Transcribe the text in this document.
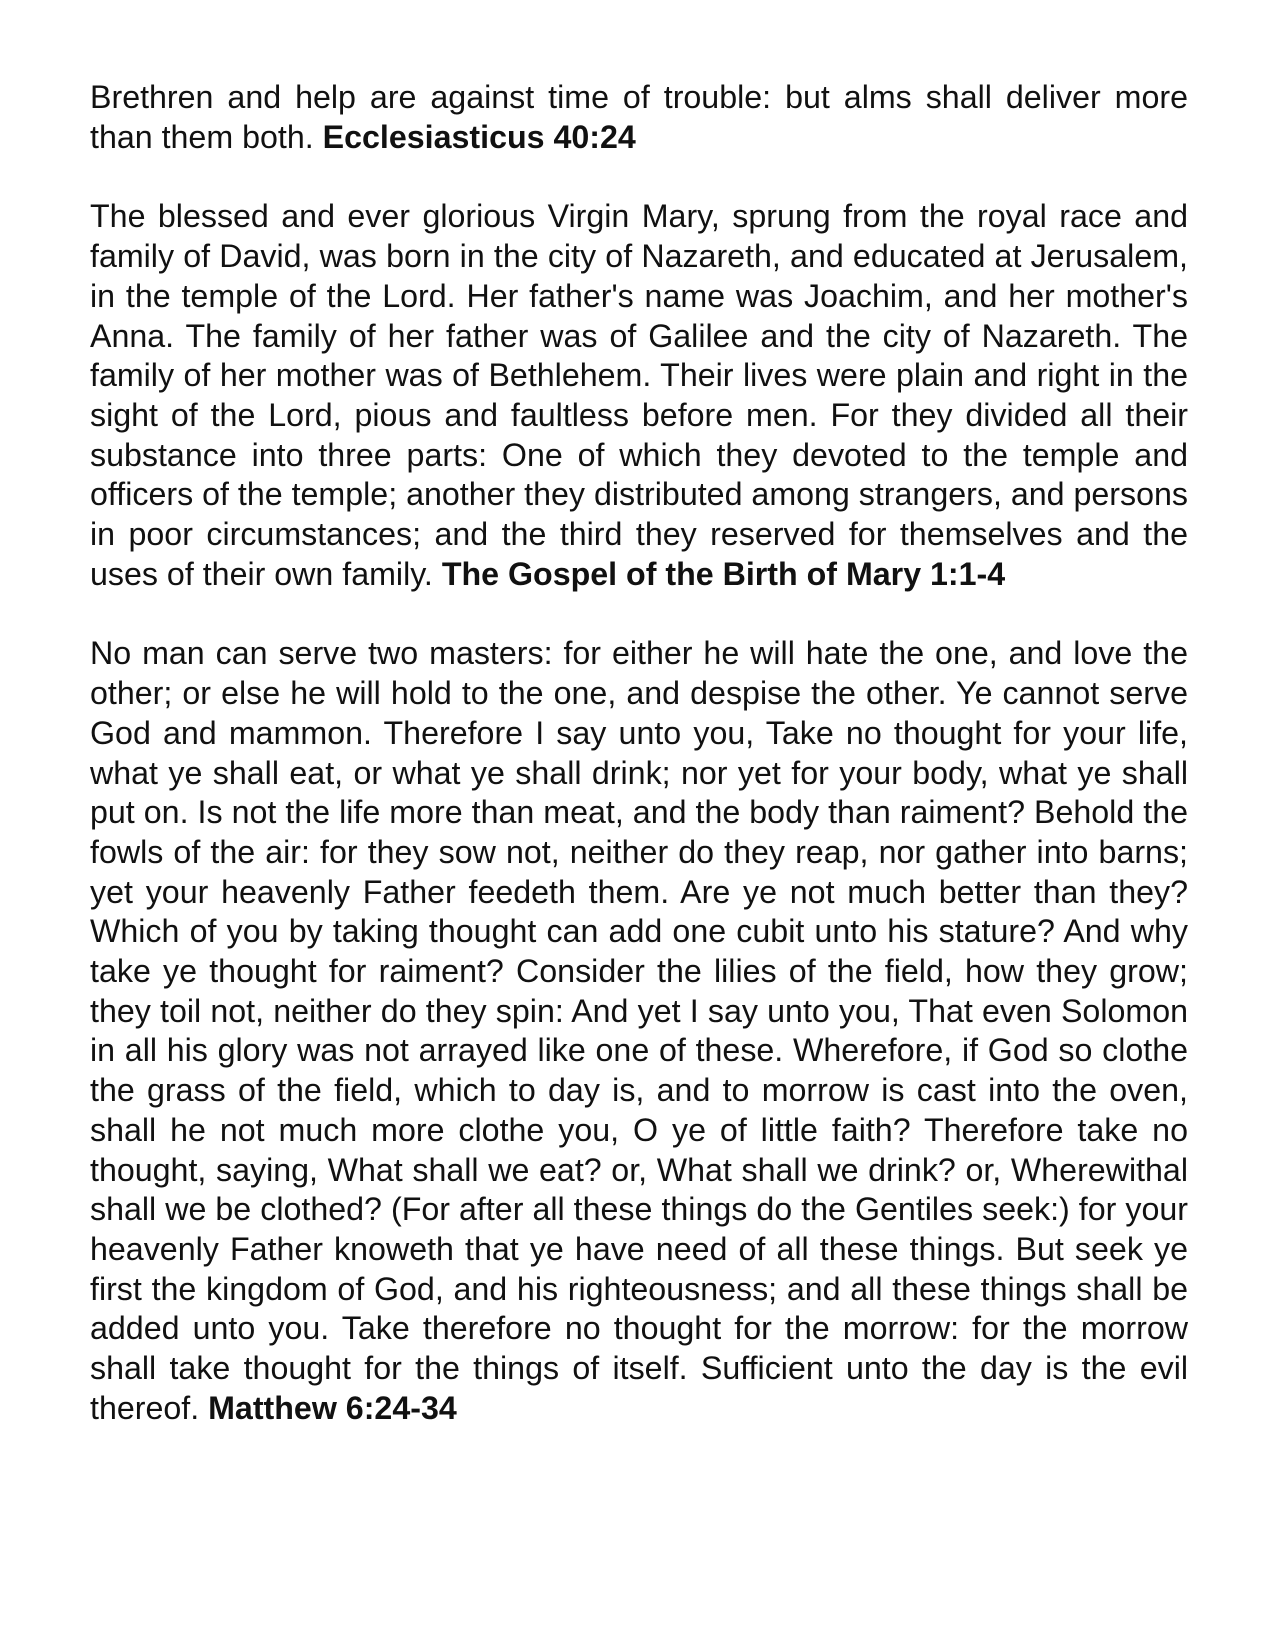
Brethren and help are against time of trouble: but alms shall deliver more than them both. Ecclesiasticus 40:24

The blessed and ever glorious Virgin Mary, sprung from the royal race and family of David, was born in the city of Nazareth, and educated at Jerusalem, in the temple of the Lord. Her father's name was Joachim, and her mother's Anna. The family of her father was of Galilee and the city of Nazareth. The family of her mother was of Bethlehem. Their lives were plain and right in the sight of the Lord, pious and faultless before men. For they divided all their substance into three parts: One of which they devoted to the temple and officers of the temple; another they distributed among strangers, and persons in poor circumstances; and the third they reserved for themselves and the uses of their own family. The Gospel of the Birth of Mary 1:1-4

No man can serve two masters: for either he will hate the one, and love the other; or else he will hold to the one, and despise the other. Ye cannot serve God and mammon. Therefore I say unto you, Take no thought for your life, what ye shall eat, or what ye shall drink; nor yet for your body, what ye shall put on. Is not the life more than meat, and the body than raiment? Behold the fowls of the air: for they sow not, neither do they reap, nor gather into barns; yet your heavenly Father feedeth them. Are ye not much better than they? Which of you by taking thought can add one cubit unto his stature? And why take ye thought for raiment? Consider the lilies of the field, how they grow; they toil not, neither do they spin: And yet I say unto you, That even Solomon in all his glory was not arrayed like one of these. Wherefore, if God so clothe the grass of the field, which to day is, and to morrow is cast into the oven, shall he not much more clothe you, O ye of little faith? Therefore take no thought, saying, What shall we eat? or, What shall we drink? or, Wherewithal shall we be clothed? (For after all these things do the Gentiles seek:) for your heavenly Father knoweth that ye have need of all these things. But seek ye first the kingdom of God, and his righteousness; and all these things shall be added unto you. Take therefore no thought for the morrow: for the morrow shall take thought for the things of itself. Sufficient unto the day is the evil thereof. Matthew 6:24-34
